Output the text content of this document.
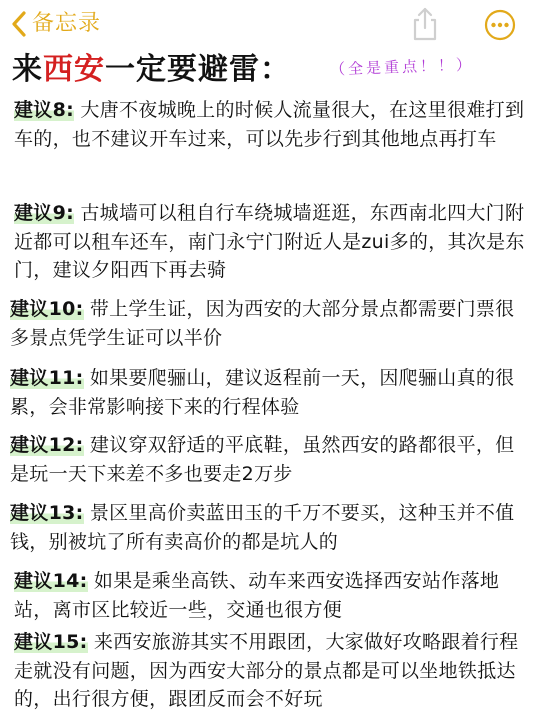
备忘录
来西安一定要避雷：	（全是重点！！）
建议8: 大唐不夜城晚上的时候人流量很大，在这里很难打到车的，也不建议开车过来，可以先步行到其他地点再打车
建议9: 古城墙可以租自行车绕城墙逛逛，东西南北四大门附近都可以租车还车，南门永宁门附近人是zui多的，其次是东门，建议夕阳西下再去骑
建议10: 带上学生证，因为西安的大部分景点都需要门票很多景点凭学生证可以半价
建议11: 如果要爬骊山，建议返程前一天，因爬骊山真的很累，会非常影响接下来的行程体验
建议12: 建议穿双舒适的平底鞋，虽然西安的路都很平，但是玩一天下来差不多也要走2万步
建议13: 景区里高价卖蓝田玉的千万不要买，这种玉并不值钱，别被坑了所有卖高价的都是坑人的
建议14: 如果是乘坐高铁、动车来西安选择西安站作落地站，离市区比较近一些，交通也很方便
建议15: 来西安旅游其实不用跟团，大家做好攻略跟着行程走就没有问题，因为西安大部分的景点都是可以坐地铁抵达的，出行很方便，跟团反而会不好玩
